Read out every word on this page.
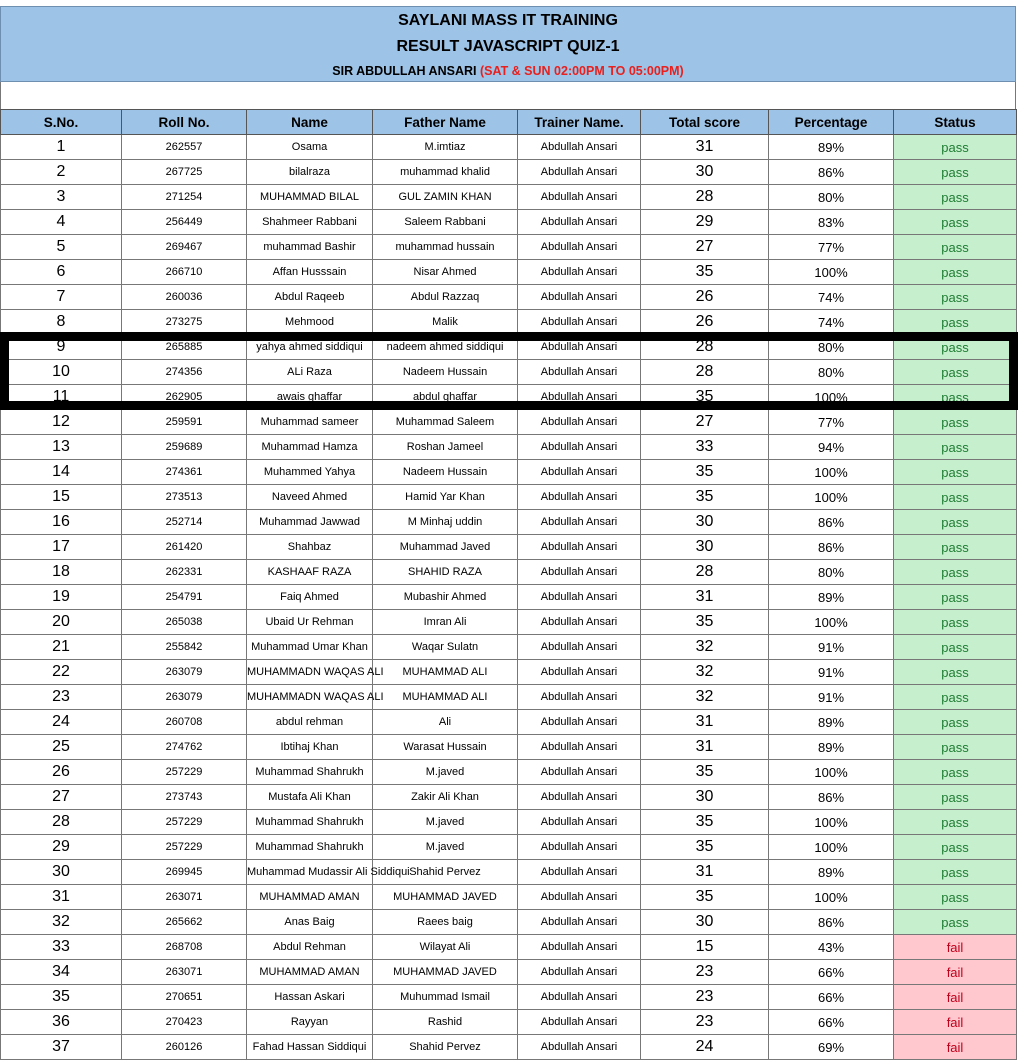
SAYLANI MASS IT TRAINING
RESULT JAVASCRIPT QUIZ-1
SIR ABDULLAH ANSARI (SAT & SUN 02:00PM TO 05:00PM)
S.No.	Roll No.	Name	Father Name	Trainer Name.	Total score	Percentage	Status
1	262557	Osama	M.imtiaz	Abdullah Ansari	31	89%	pass
2	267725	bilalraza	muhammad khalid	Abdullah Ansari	30	86%	pass
3	271254	MUHAMMAD BILAL	GUL ZAMIN KHAN	Abdullah Ansari	28	80%	pass
4	256449	Shahmeer Rabbani	Saleem Rabbani	Abdullah Ansari	29	83%	pass
5	269467	muhammad Bashir	muhammad hussain	Abdullah Ansari	27	77%	pass
6	266710	Affan Husssain	Nisar Ahmed	Abdullah Ansari	35	100%	pass
7	260036	Abdul Raqeeb	Abdul Razzaq	Abdullah Ansari	26	74%	pass
8	273275	Mehmood	Malik	Abdullah Ansari	26	74%	pass
9	265885	yahya ahmed siddiqui	nadeem ahmed siddiqui	Abdullah Ansari	28	80%	pass
10	274356	ALi Raza	Nadeem Hussain	Abdullah Ansari	28	80%	pass
11	262905	awais ghaffar	abdul ghaffar	Abdullah Ansari	35	100%	pass
12	259591	Muhammad sameer	Muhammad Saleem	Abdullah Ansari	27	77%	pass
13	259689	Muhammad Hamza	Roshan Jameel	Abdullah Ansari	33	94%	pass
14	274361	Muhammed Yahya	Nadeem Hussain	Abdullah Ansari	35	100%	pass
15	273513	Naveed Ahmed	Hamid Yar Khan	Abdullah Ansari	35	100%	pass
16	252714	Muhammad Jawwad	M Minhaj uddin	Abdullah Ansari	30	86%	pass
17	261420	Shahbaz	Muhammad Javed	Abdullah Ansari	30	86%	pass
18	262331	KASHAAF RAZA	SHAHID RAZA	Abdullah Ansari	28	80%	pass
19	254791	Faiq Ahmed	Mubashir Ahmed	Abdullah Ansari	31	89%	pass
20	265038	Ubaid Ur Rehman	Imran Ali	Abdullah Ansari	35	100%	pass
21	255842	Muhammad Umar Khan	Waqar Sulatn	Abdullah Ansari	32	91%	pass
22	263079	MUHAMMADN WAQAS ALI	MUHAMMAD ALI	Abdullah Ansari	32	91%	pass
23	263079	MUHAMMADN WAQAS ALI	MUHAMMAD ALI	Abdullah Ansari	32	91%	pass
24	260708	abdul rehman	Ali	Abdullah Ansari	31	89%	pass
25	274762	Ibtihaj Khan	Warasat Hussain	Abdullah Ansari	31	89%	pass
26	257229	Muhammad Shahrukh	M.javed	Abdullah Ansari	35	100%	pass
27	273743	Mustafa Ali Khan	Zakir Ali Khan	Abdullah Ansari	30	86%	pass
28	257229	Muhammad Shahrukh	M.javed	Abdullah Ansari	35	100%	pass
29	257229	Muhammad Shahrukh	M.javed	Abdullah Ansari	35	100%	pass
30	269945	Muhammad Mudassir Ali Siddiqui	Shahid Pervez	Abdullah Ansari	31	89%	pass
31	263071	MUHAMMAD AMAN	MUHAMMAD JAVED	Abdullah Ansari	35	100%	pass
32	265662	Anas Baig	Raees baig	Abdullah Ansari	30	86%	pass
33	268708	Abdul Rehman	Wilayat Ali	Abdullah Ansari	15	43%	fail
34	263071	MUHAMMAD AMAN	MUHAMMAD JAVED	Abdullah Ansari	23	66%	fail
35	270651	Hassan Askari	Muhummad Ismail	Abdullah Ansari	23	66%	fail
36	270423	Rayyan	Rashid	Abdullah Ansari	23	66%	fail
37	260126	Fahad Hassan Siddiqui	Shahid Pervez	Abdullah Ansari	24	69%	fail
